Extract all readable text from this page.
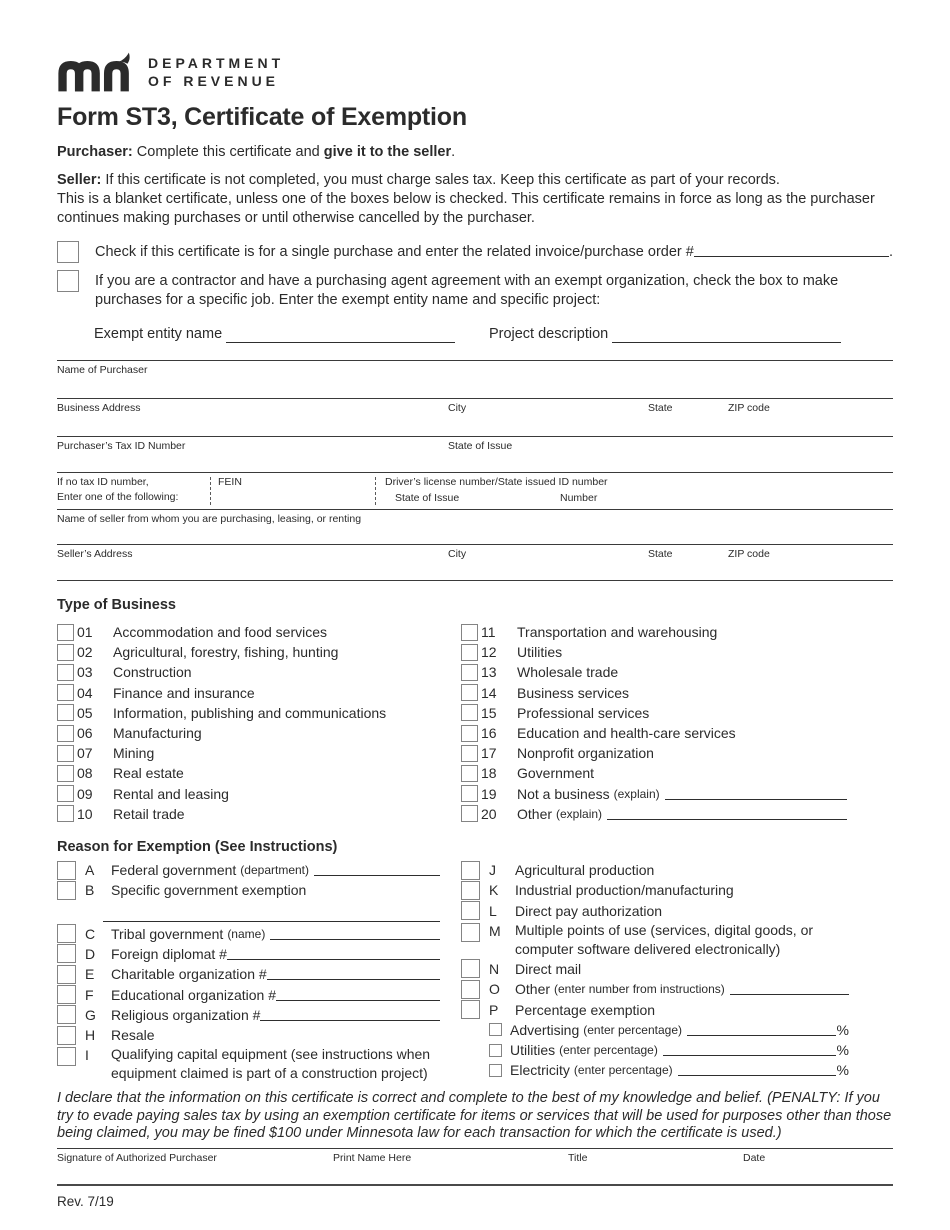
DEPARTMENT
OF REVENUE
Form ST3, Certificate of Exemption
Purchaser: Complete this certificate and give it to the seller.
Seller: If this certificate is not completed, you must charge sales tax. Keep this certificate as part of your records.
This is a blanket certificate, unless one of the boxes below is checked. This certificate remains in force as long as the purchaser continues making purchases or until otherwise cancelled by the purchaser.
Check if this certificate is for a single purchase and enter the related invoice/purchase order #	.
If you are a contractor and have a purchasing agent agreement with an exempt organization, check the box to make purchases for a specific job. Enter the exempt entity name and specific project:
Exempt entity name	Project description
Name of Purchaser
Business Address	City	State	ZIP code
Purchaser’s Tax ID Number	State of Issue
If no tax ID number,
Enter one of the following:
FEIN	Driver’s license number/State issued ID number
State of Issue	Number
Name of seller from whom you are purchasing, leasing, or renting
Seller’s Address	City	State	ZIP code
Type of Business
01	Accommodation and food services
02	Agricultural, forestry, fishing, hunting
03	Construction
04	Finance and insurance
05	Information, publishing and communications
06	Manufacturing
07	Mining
08	Real estate
09	Rental and leasing
10	Retail trade
11	Transportation and warehousing
12	Utilities
13	Wholesale trade
14	Business services
15	Professional services
16	Education and health-care services
17	Nonprofit organization
18	Government
19	Not a business (explain)
20	Other (explain)
Reason for Exemption (See Instructions)
A	Federal government (department)
B	Specific government exemption
C	Tribal government (name)
D	Foreign diplomat #
E	Charitable organization #
F	Educational organization #
G	Religious organization #
H	Resale
I	Qualifying capital equipment (see instructions when equipment claimed is part of a construction project)
J	Agricultural production
K	Industrial production/manufacturing
L	Direct pay authorization
M	Multiple points of use (services, digital goods, or computer software delivered electronically)
N	Direct mail
O	Other (enter number from instructions)
P	Percentage exemption
Advertising (enter percentage)	%
Utilities (enter percentage)	%
Electricity (enter percentage)	%
I declare that the information on this certificate is correct and complete to the best of my knowledge and belief. (PENALTY: If you try to evade paying sales tax by using an exemption certificate for items or services that will be used for purposes other than those being claimed, you may be fined $100 under Minnesota law for each transaction for which the certificate is used.)
Signature of Authorized Purchaser	Print Name Here	Title	Date
Rev. 7/19
